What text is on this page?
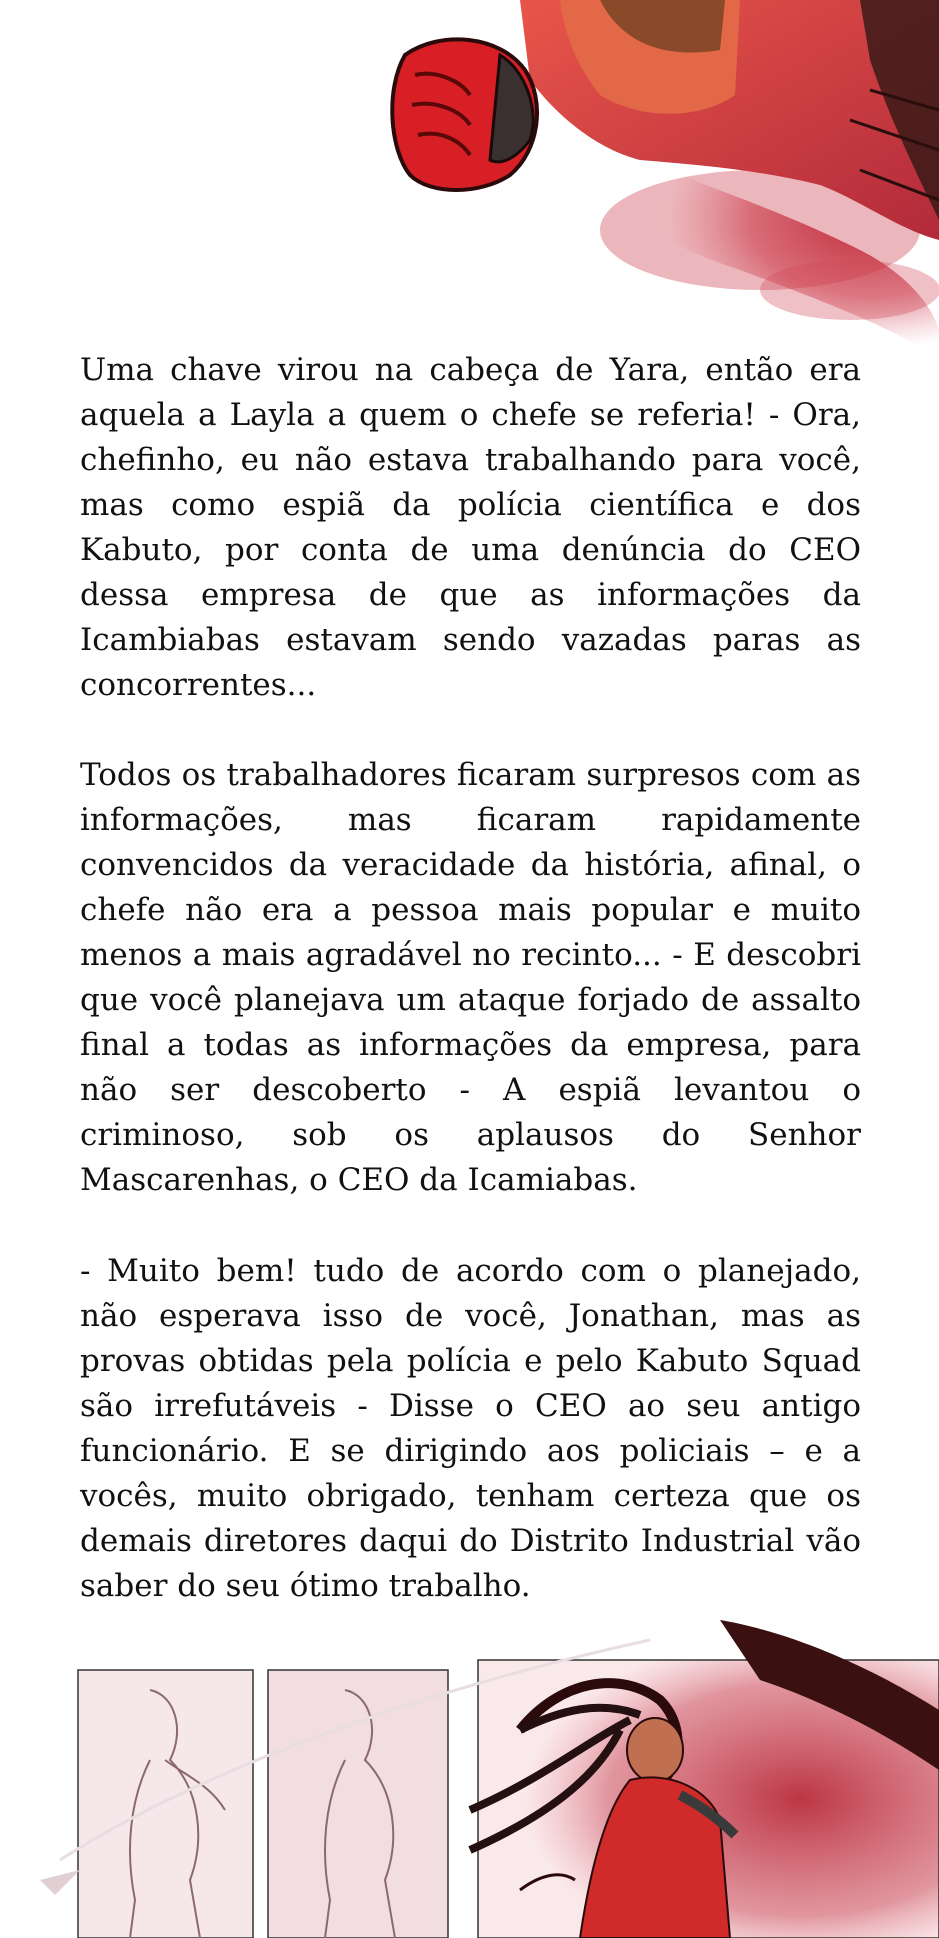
Uma chave virou na cabeça de Yara, então era aquela a Layla a quem o chefe se referia! - Ora, chefinho, eu não estava trabalhando para você, mas como espiã da polícia científica e dos Kabuto, por conta de uma denúncia do CEO dessa empresa de que as informações da Icambiabas estavam sendo vazadas paras as concorrentes...

Todos os trabalhadores ficaram surpresos com as informações, mas ficaram rapidamente convencidos da veracidade da história, afinal, o chefe não era a pessoa mais popular e muito menos a mais agradável no recinto... - E descobri que você planejava um ataque forjado de assalto final a todas as informações da empresa, para não ser descoberto - A espiã levantou o criminoso, sob os aplausos do Senhor Mascarenhas, o CEO da Icamiabas.

- Muito bem! tudo de acordo com o planejado, não esperava isso de você, Jonathan, mas as provas obtidas pela polícia e pelo Kabuto Squad são irrefutáveis - Disse o CEO ao seu antigo funcionário. E se dirigindo aos policiais – e a vocês, muito obrigado, tenham certeza que os demais diretores daqui do Distrito Industrial vão saber do seu ótimo trabalho.
